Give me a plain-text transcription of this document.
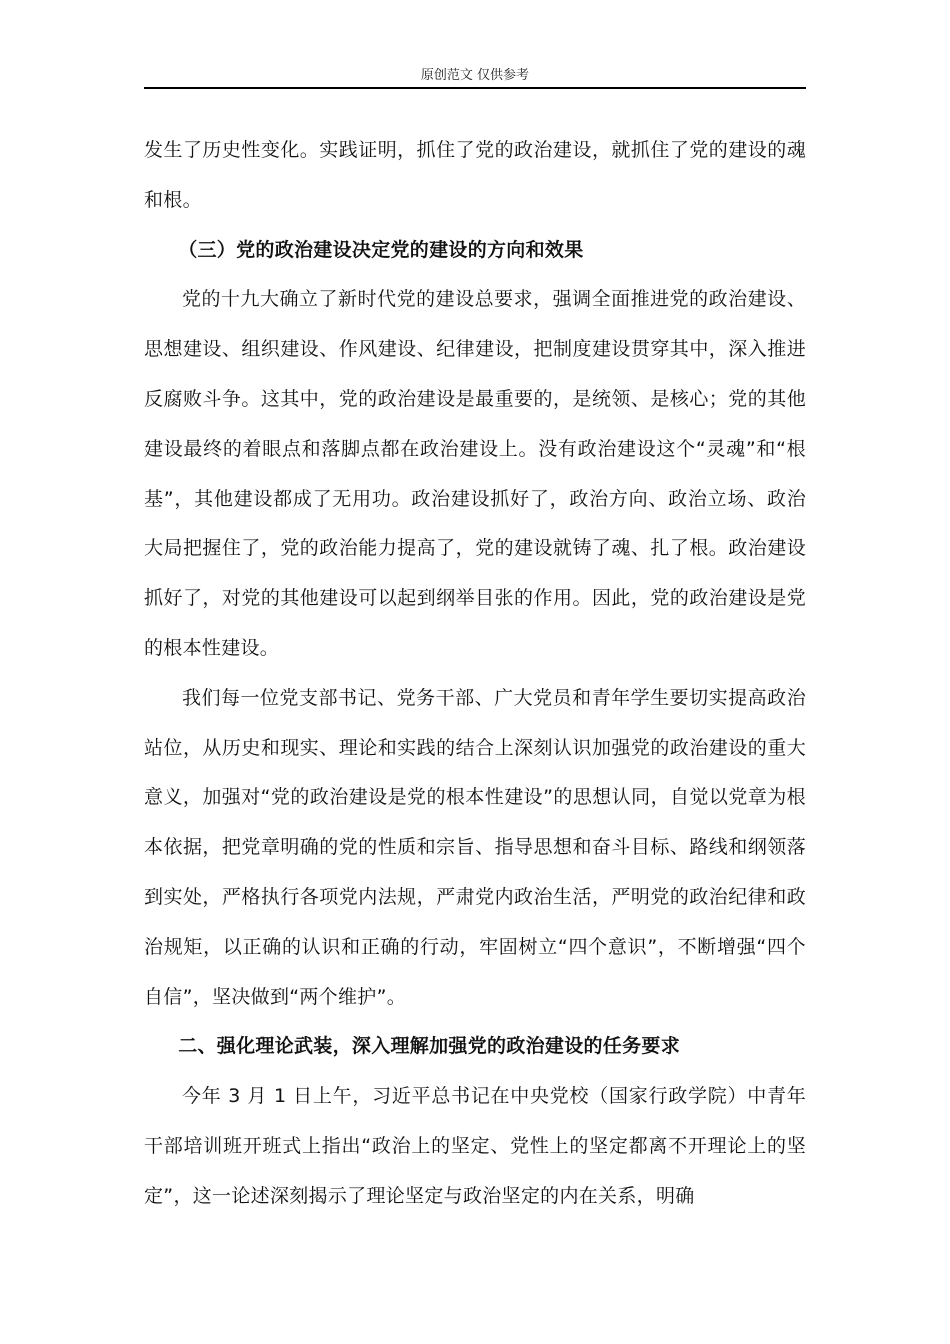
原创范文 仅供参考

发生了历史性变化。实践证明，抓住了党的政治建设，就抓住了党的建设的魂和根。

（三）党的政治建设决定党的建设的方向和效果

党的十九大确立了新时代党的建设总要求，强调全面推进党的政治建设、思想建设、组织建设、作风建设、纪律建设，把制度建设贯穿其中，深入推进反腐败斗争。这其中，党的政治建设是最重要的，是统领、是核心；党的其他建设最终的着眼点和落脚点都在政治建设上。没有政治建设这个“灵魂”和“根基”，其他建设都成了无用功。政治建设抓好了，政治方向、政治立场、政治大局把握住了，党的政治能力提高了，党的建设就铸了魂、扎了根。政治建设抓好了，对党的其他建设可以起到纲举目张的作用。因此，党的政治建设是党的根本性建设。

我们每一位党支部书记、党务干部、广大党员和青年学生要切实提高政治站位，从历史和现实、理论和实践的结合上深刻认识加强党的政治建设的重大意义，加强对“党的政治建设是党的根本性建设”的思想认同，自觉以党章为根本依据，把党章明确的党的性质和宗旨、指导思想和奋斗目标、路线和纲领落到实处，严格执行各项党内法规，严肃党内政治生活，严明党的政治纪律和政治规矩，以正确的认识和正确的行动，牢固树立“四个意识”，不断增强“四个自信”，坚决做到“两个维护”。

二、强化理论武装，深入理解加强党的政治建设的任务要求

今年 3 月 1 日上午，习近平总书记在中央党校（国家行政学院）中青年干部培训班开班式上指出“政治上的坚定、党性上的坚定都离不开理论上的坚定”，这一论述深刻揭示了理论坚定与政治坚定的内在关系，明确
